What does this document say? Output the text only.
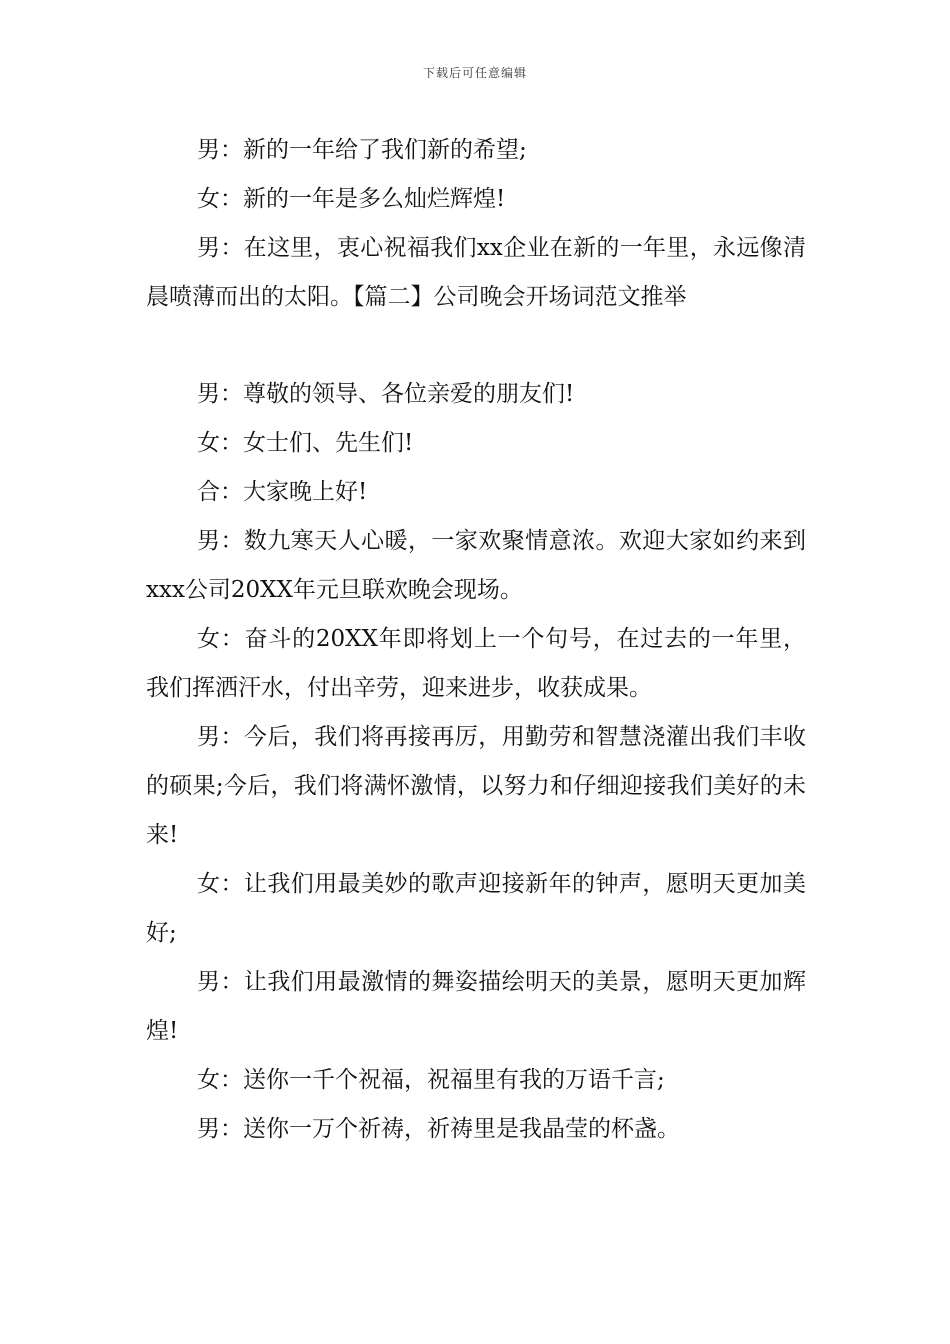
下载后可任意编辑

男：新的一年给了我们新的希望;

女：新的一年是多么灿烂辉煌!

男：在这里，衷心祝福我们xx企业在新的一年里，永远像清晨喷薄而出的太阳。【篇二】公司晚会开场词范文推举

男：尊敬的领导、各位亲爱的朋友们!

女：女士们、先生们!

合：大家晚上好!

男：数九寒天人心暖，一家欢聚情意浓。欢迎大家如约来到xxx公司20XX年元旦联欢晚会现场。

女：奋斗的20XX年即将划上一个句号，在过去的一年里，我们挥洒汗水，付出辛劳，迎来进步，收获成果。

男：今后，我们将再接再厉，用勤劳和智慧浇灌出我们丰收的硕果;今后，我们将满怀激情，以努力和仔细迎接我们美好的未来!

女：让我们用最美妙的歌声迎接新年的钟声，愿明天更加美好;

男：让我们用最激情的舞姿描绘明天的美景，愿明天更加辉煌!

女：送你一千个祝福，祝福里有我的万语千言;

男：送你一万个祈祷，祈祷里是我晶莹的杯盏。
